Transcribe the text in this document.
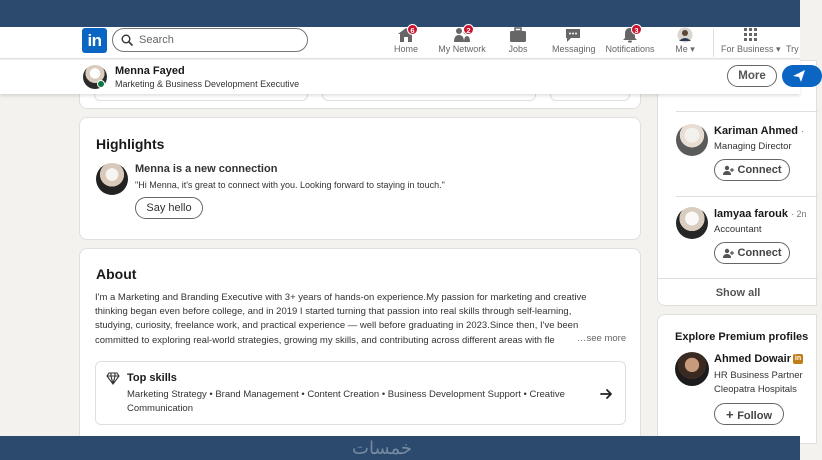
in
Search
6
Home
2
My Network	Jobs	Messaging
3
Notifications	Me ▾	For Business ▾ Try
Menna Fayed
Marketing & Business Development Executive
More
Highlights
Menna is a new connection
"Hi Menna, it's great to connect with you. Looking forward to staying in touch."
Say hello
About
I'm a Marketing and Branding Executive with 3+ years of hands-on experience.My passion for marketing and creative
thinking began even before college, and in 2019 I started turning that passion into real skills through self-learning,
studying, curiosity, freelance work, and practical experience — well before graduating in 2023.Since then, I've been
committed to exploring real-world strategies, growing my skills, and contributing across different areas with fle	…see more
Top skills
Marketing Strategy • Brand Management • Content Creation • Business Development Support • Creative
Communication
Kariman Ahmed ·
Managing Director
Connect
lamyaa farouk · 2n
Accountant
Connect
Show all
Explore Premium profiles
Ahmed Dowair in
HR Business Partner
Cleopatra Hospitals
+ Follow
خمسات
